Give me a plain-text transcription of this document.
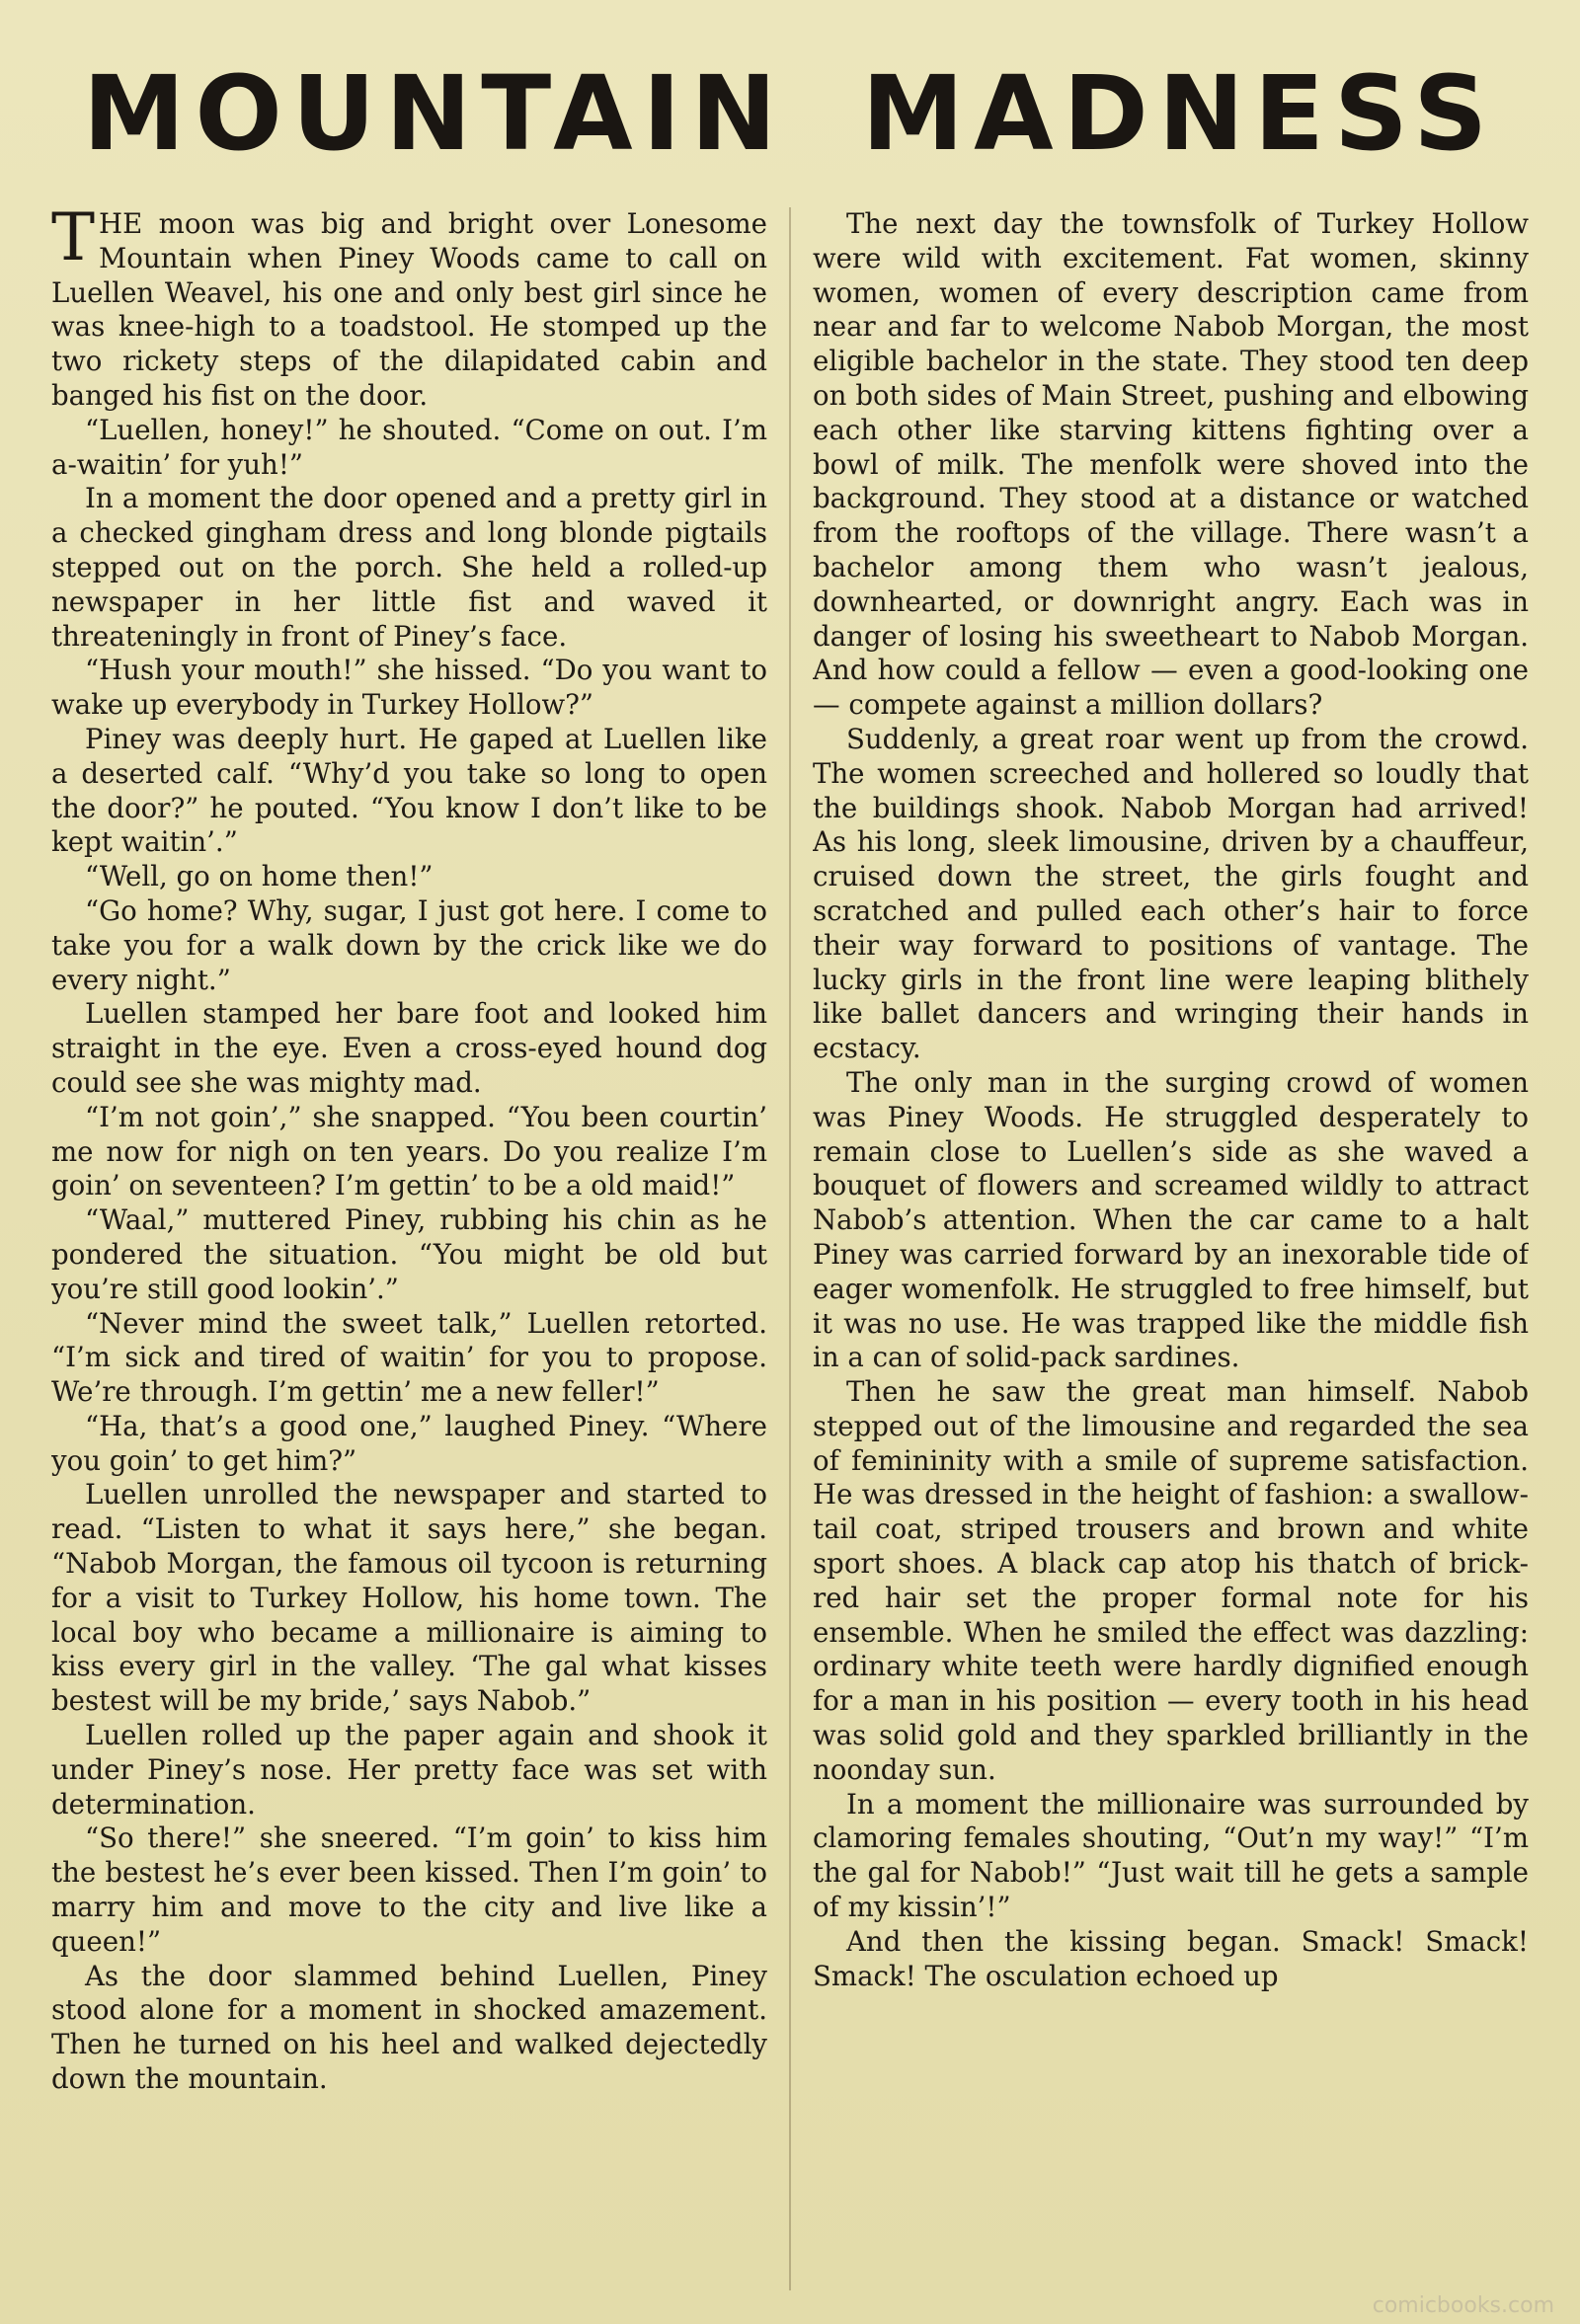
MOUNTAIN MADNESS

THE moon was big and bright over Lonesome Mountain when Piney Woods came to call on Luellen Weavel, his one and only best girl since he was knee-high to a toadstool. He stomped up the two rickety steps of the dilapidated cabin and banged his fist on the door.

“Luellen, honey!” he shouted. “Come on out. I’m a-waitin’ for yuh!”

In a moment the door opened and a pretty girl in a checked gingham dress and long blonde pigtails stepped out on the porch. She held a rolled-up newspaper in her little fist and waved it threateningly in front of Piney’s face.

“Hush your mouth!” she hissed. “Do you want to wake up everybody in Turkey Hollow?”

Piney was deeply hurt. He gaped at Luellen like a deserted calf. “Why’d you take so long to open the door?” he pouted. “You know I don’t like to be kept waitin’.”

“Well, go on home then!”

“Go home? Why, sugar, I just got here. I come to take you for a walk down by the crick like we do every night.”

Luellen stamped her bare foot and looked him straight in the eye. Even a cross-eyed hound dog could see she was mighty mad.

“I’m not goin’,” she snapped. “You been courtin’ me now for nigh on ten years. Do you realize I’m goin’ on seventeen? I’m gettin’ to be a old maid!”

“Waal,” muttered Piney, rubbing his chin as he pondered the situation. “You might be old but you’re still good lookin’.”

“Never mind the sweet talk,” Luellen retorted. “I’m sick and tired of waitin’ for you to propose. We’re through. I’m gettin’ me a new feller!”

“Ha, that’s a good one,” laughed Piney. “Where you goin’ to get him?”

Luellen unrolled the newspaper and started to read. “Listen to what it says here,” she began. “Nabob Morgan, the famous oil tycoon is returning for a visit to Turkey Hollow, his home town. The local boy who became a millionaire is aiming to kiss every girl in the valley. ‘The gal what kisses bestest will be my bride,’ says Nabob.”

Luellen rolled up the paper again and shook it under Piney’s nose. Her pretty face was set with determination.

“So there!” she sneered. “I’m goin’ to kiss him the bestest he’s ever been kissed. Then I’m goin’ to marry him and move to the city and live like a queen!”

As the door slammed behind Luellen, Piney stood alone for a moment in shocked amazement. Then he turned on his heel and walked dejectedly down the mountain.

The next day the townsfolk of Turkey Hollow were wild with excitement. Fat women, skinny women, women of every description came from near and far to welcome Nabob Morgan, the most eligible bachelor in the state. They stood ten deep on both sides of Main Street, pushing and elbowing each other like starving kittens fighting over a bowl of milk. The menfolk were shoved into the background. They stood at a distance or watched from the rooftops of the village. There wasn’t a bachelor among them who wasn’t jealous, downhearted, or downright angry. Each was in danger of losing his sweetheart to Nabob Morgan. And how could a fellow — even a good-looking one — compete against a million dollars?

Suddenly, a great roar went up from the crowd. The women screeched and hollered so loudly that the buildings shook. Nabob Morgan had arrived! As his long, sleek limousine, driven by a chauffeur, cruised down the street, the girls fought and scratched and pulled each other’s hair to force their way forward to positions of vantage. The lucky girls in the front line were leaping blithely like ballet dancers and wringing their hands in ecstacy.

The only man in the surging crowd of women was Piney Woods. He struggled desperately to remain close to Luellen’s side as she waved a bouquet of flowers and screamed wildly to attract Nabob’s attention. When the car came to a halt Piney was carried forward by an inexorable tide of eager womenfolk. He struggled to free himself, but it was no use. He was trapped like the middle fish in a can of solid-pack sardines.

Then he saw the great man himself. Nabob stepped out of the limousine and regarded the sea of femininity with a smile of supreme satisfaction. He was dressed in the height of fashion: a swallow-tail coat, striped trousers and brown and white sport shoes. A black cap atop his thatch of brick-red hair set the proper formal note for his ensemble. When he smiled the effect was dazzling: ordinary white teeth were hardly dignified enough for a man in his position — every tooth in his head was solid gold and they sparkled brilliantly in the noonday sun.

In a moment the millionaire was surrounded by clamoring females shouting, “Out’n my way!” “I’m the gal for Nabob!” “Just wait till he gets a sample of my kissin’!”

And then the kissing began. Smack! Smack! Smack! The osculation echoed up

comicbooks.com
